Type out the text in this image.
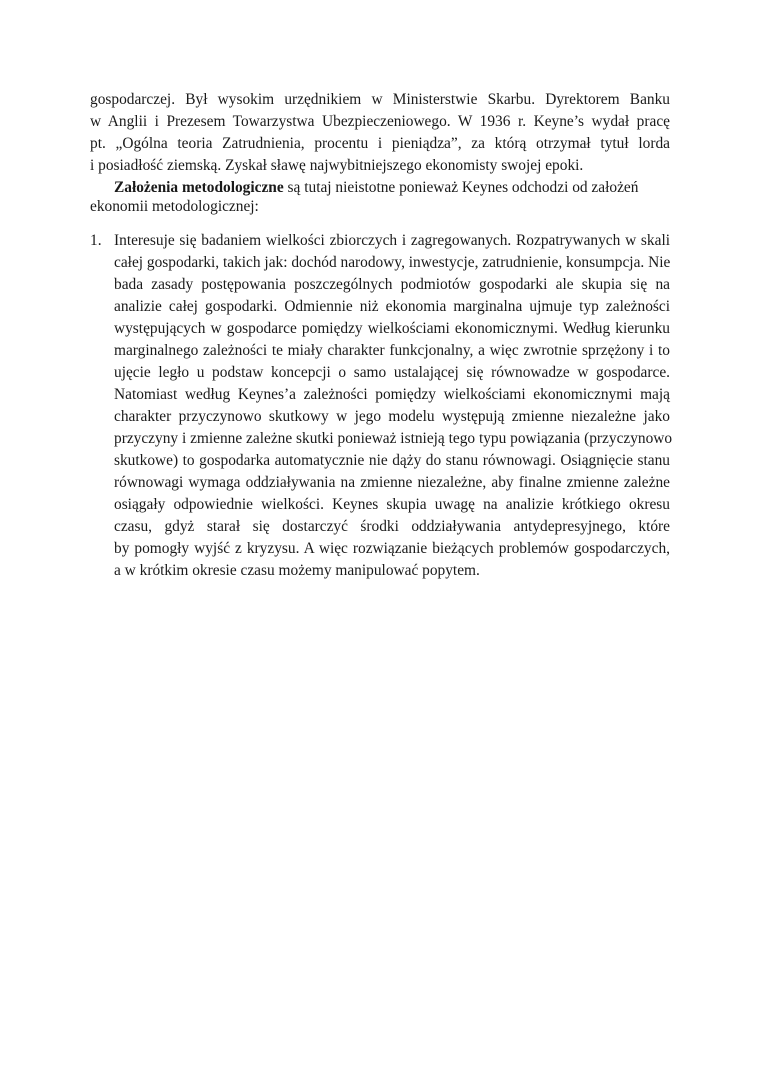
gospodarczej. Był wysokim urzędnikiem w Ministerstwie Skarbu. Dyrektorem Banku
w Anglii i Prezesem Towarzystwa Ubezpieczeniowego. W 1936 r. Keyne’s wydał pracę
pt. „Ogólna teoria Zatrudnienia, procentu i pieniądza”, za którą otrzymał tytuł lorda
i posiadłość ziemską. Zyskał sławę najwybitniejszego ekonomisty swojej epoki.
Założenia metodologiczne są tutaj nieistotne ponieważ Keynes odchodzi od założeń
ekonomii metodologicznej:
1. Interesuje się badaniem wielkości zbiorczych i zagregowanych. Rozpatrywanych w skali
całej gospodarki, takich jak: dochód narodowy, inwestycje, zatrudnienie, konsumpcja. Nie
bada zasady postępowania poszczególnych podmiotów gospodarki ale skupia się na
analizie całej gospodarki. Odmiennie niż ekonomia marginalna ujmuje typ zależności
występujących w gospodarce pomiędzy wielkościami ekonomicznymi. Według kierunku
marginalnego zależności te miały charakter funkcjonalny, a więc zwrotnie sprzężony i to
ujęcie legło u podstaw koncepcji o samo ustalającej się równowadze w gospodarce.
Natomiast według Keynes’a zależności pomiędzy wielkościami ekonomicznymi mają
charakter przyczynowo skutkowy w jego modelu występują zmienne niezależne jako
przyczyny i zmienne zależne skutki ponieważ istnieją tego typu powiązania (przyczynowo
skutkowe) to gospodarka automatycznie nie dąży do stanu równowagi. Osiągnięcie stanu
równowagi wymaga oddziaływania na zmienne niezależne, aby finalne zmienne zależne
osiągały odpowiednie wielkości. Keynes skupia uwagę na analizie krótkiego okresu
czasu, gdyż starał się dostarczyć środki oddziaływania antydepresyjnego, które
by pomogły wyjść z kryzysu. A więc rozwiązanie bieżących problemów gospodarczych,
a w krótkim okresie czasu możemy manipulować popytem.
